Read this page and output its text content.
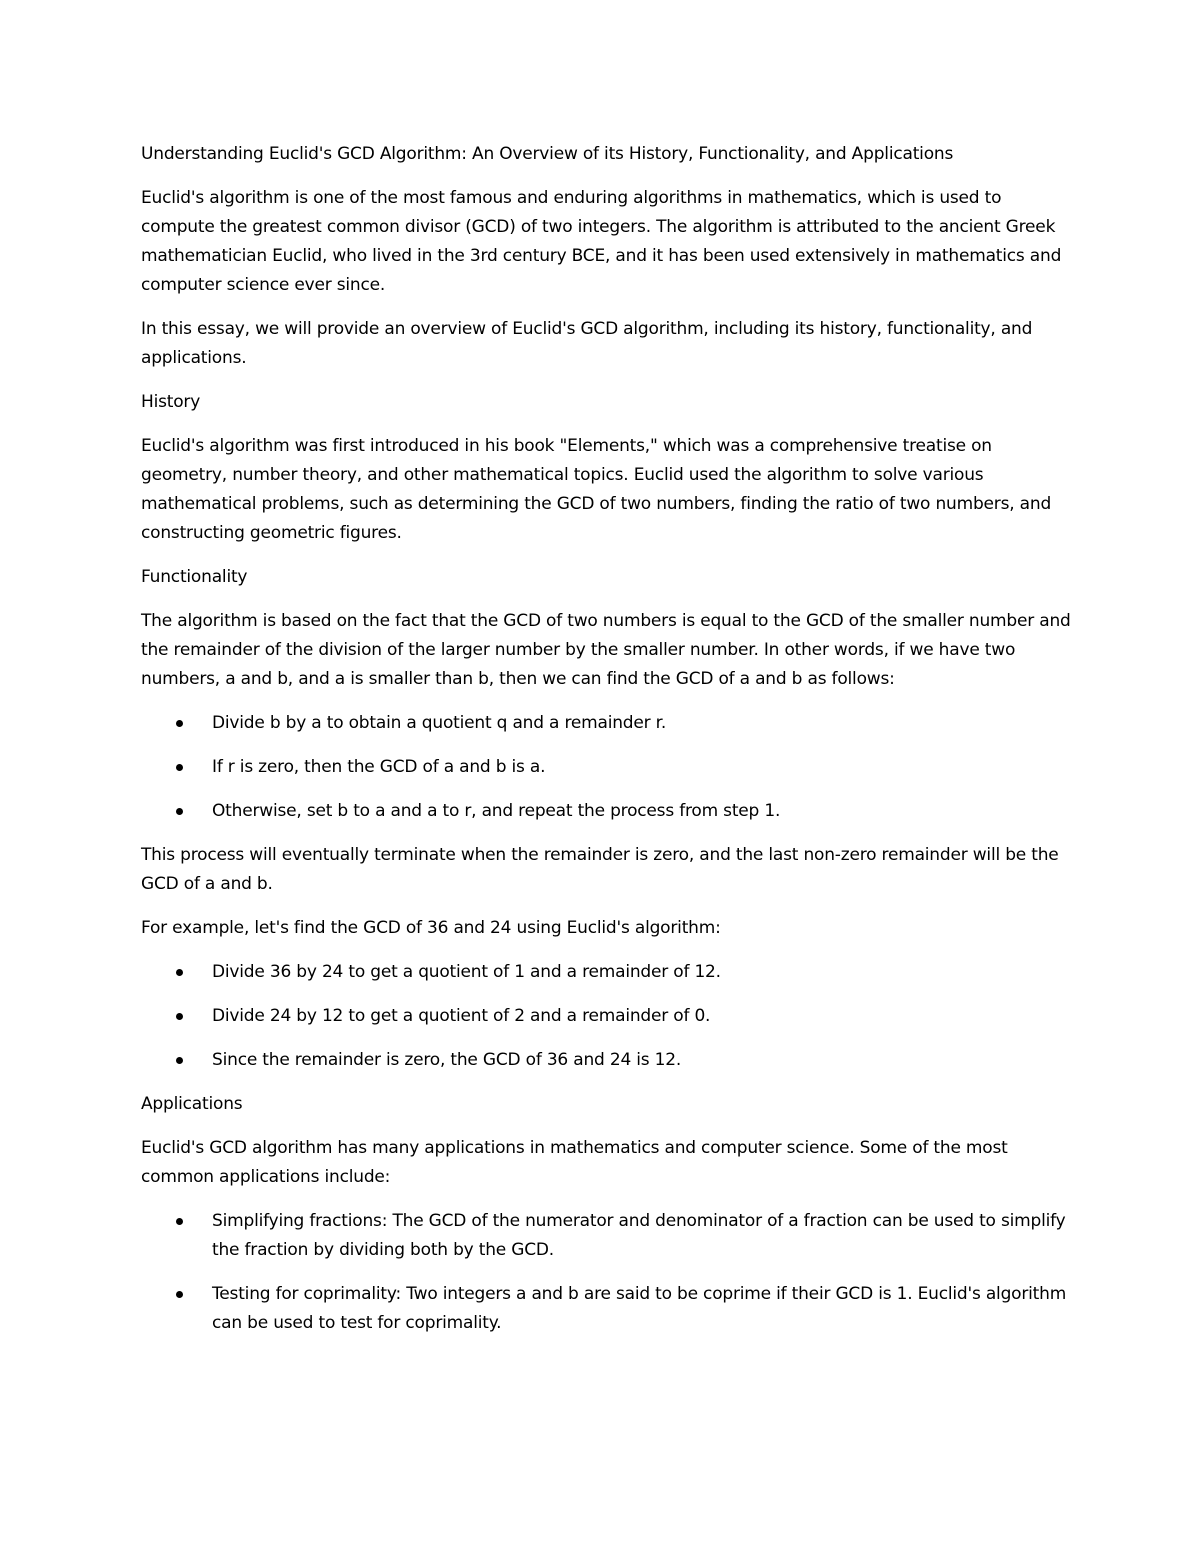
Understanding Euclid's GCD Algorithm: An Overview of its History, Functionality, and Applications

Euclid's algorithm is one of the most famous and enduring algorithms in mathematics, which is used to compute the greatest common divisor (GCD) of two integers. The algorithm is attributed to the ancient Greek mathematician Euclid, who lived in the 3rd century BCE, and it has been used extensively in mathematics and computer science ever since.

In this essay, we will provide an overview of Euclid's GCD algorithm, including its history, functionality, and applications.

History

Euclid's algorithm was first introduced in his book "Elements," which was a comprehensive treatise on geometry, number theory, and other mathematical topics. Euclid used the algorithm to solve various mathematical problems, such as determining the GCD of two numbers, finding the ratio of two numbers, and constructing geometric figures.

Functionality

The algorithm is based on the fact that the GCD of two numbers is equal to the GCD of the smaller number and the remainder of the division of the larger number by the smaller number. In other words, if we have two numbers, a and b, and a is smaller than b, then we can find the GCD of a and b as follows:

Divide b by a to obtain a quotient q and a remainder r.
If r is zero, then the GCD of a and b is a.
Otherwise, set b to a and a to r, and repeat the process from step 1.

This process will eventually terminate when the remainder is zero, and the last non-zero remainder will be the GCD of a and b.

For example, let's find the GCD of 36 and 24 using Euclid's algorithm:

Divide 36 by 24 to get a quotient of 1 and a remainder of 12.
Divide 24 by 12 to get a quotient of 2 and a remainder of 0.
Since the remainder is zero, the GCD of 36 and 24 is 12.

Applications

Euclid's GCD algorithm has many applications in mathematics and computer science. Some of the most common applications include:

Simplifying fractions: The GCD of the numerator and denominator of a fraction can be used to simplify the fraction by dividing both by the GCD.
Testing for coprimality: Two integers a and b are said to be coprime if their GCD is 1. Euclid's algorithm can be used to test for coprimality.
